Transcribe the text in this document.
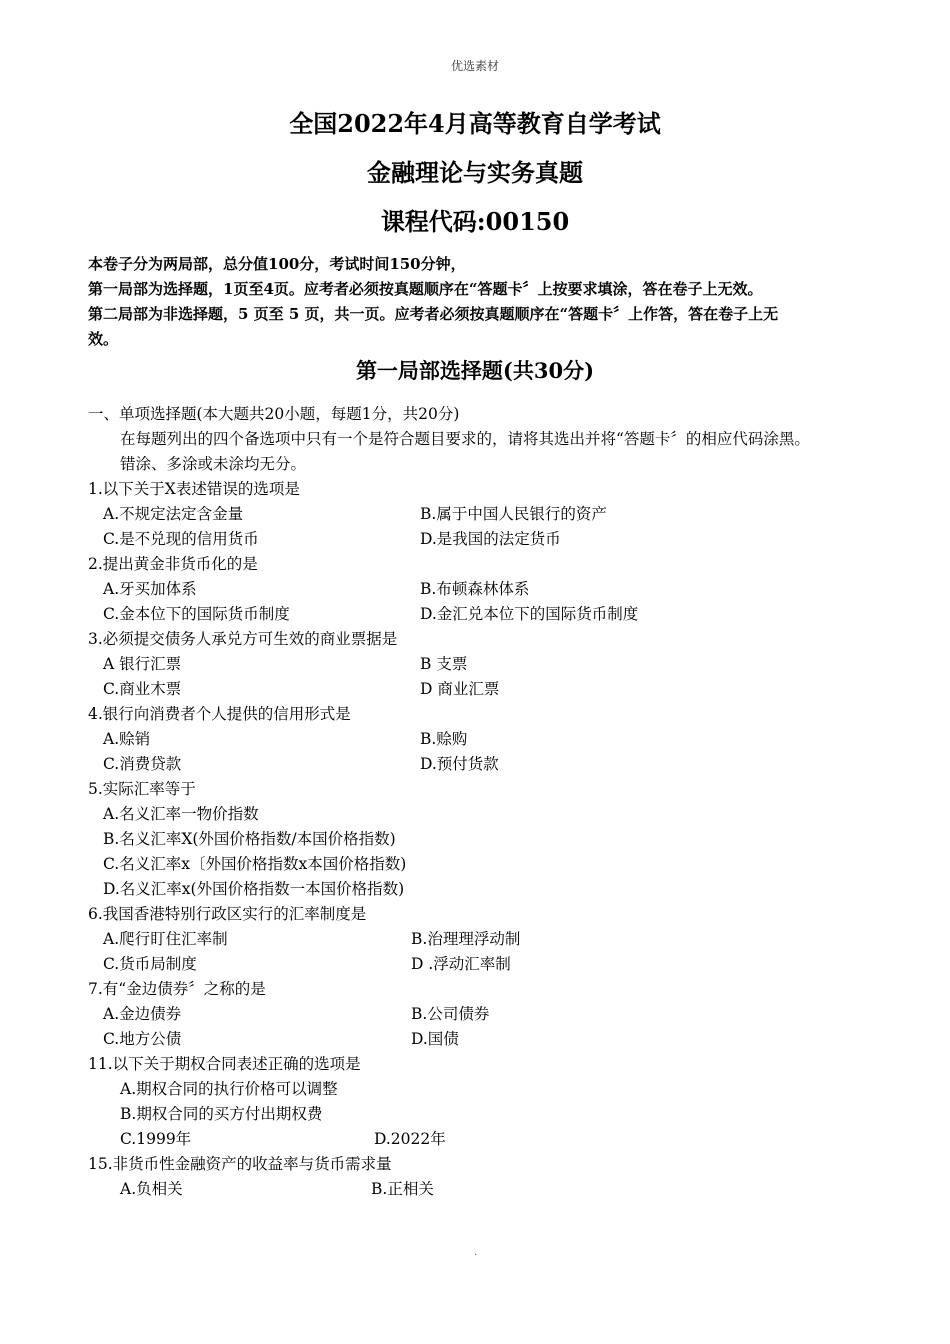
优选素材
全国2022年4月高等教育自学考试
金融理论与实务真题
课程代码:00150
本卷子分为两局部，总分值100分，考试时间150分钟，
第一局部为选择题，1页至4页。应考者必须按真题顺序在“答题卡〞上按要求填涂，答在卷子上无效。
第二局部为非选择题，5 页至 5 页，共一页。应考者必须按真题顺序在“答题卡〞上作答，答在卷子上无
效。
第一局部选择题(共30分)
一、单项选择题(本大题共20小题，每题1分，共20分)
在每题列出的四个备选项中只有一个是符合题目要求的，请将其选出并将“答题卡〞的相应代码涂黑。
错涂、多涂或未涂均无分。
1.以下关于X表述错误的选项是
A.不规定法定含金量	B.属于中国人民银行的资产
C.是不兑现的信用货币	D.是我国的法定货币
2.提出黄金非货币化的是
A.牙买加体系	B.布顿森林体系
C.金本位下的国际货币制度	D.金汇兑本位下的国际货币制度
3.必须提交债务人承兑方可生效的商业票据是
A 银行汇票	B 支票
C.商业木票	D 商业汇票
4.银行向消费者个人提供的信用形式是
A.赊销	B.赊购
C.消费贷款	D.预付货款
5.实际汇率等于
A.名义汇率一物价指数
B.名义汇率X(外国价格指数/本国价格指数)
C.名义汇率x〔外国价格指数x本国价格指数)
D.名义汇率x(外国价格指数一本国价格指数)
6.我国香港特别行政区实行的汇率制度是
A.爬行盯住汇率制	B.治理理浮动制
C.货币局制度	D .浮动汇率制
7.有“金边债券〞之称的是
A.金边债券	B.公司债券
C.地方公债	D.国债
11.以下关于期权合同表述正确的选项是
A.期权合同的执行价格可以调整
B.期权合同的买方付出期权费
C.1999年	D.2022年
15.非货币性金融资产的收益率与货币需求量
A.负相关	B.正相关
.
